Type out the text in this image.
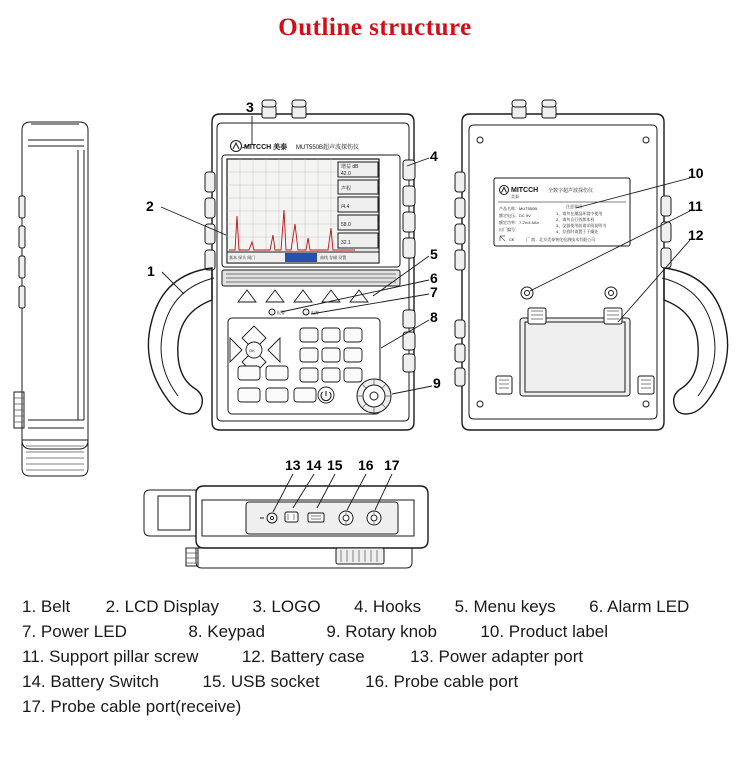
Outline structure
MITCCH 美泰 MUT550B超声波探伤仪
增益 dB
42.0
声程
/4.4
58.0
32.1
基本 探头 闸门	曲线 存储 设置
报警	电源
OK
MITCCH
美泰
全数字超声波探伤仪
产品名称：MUT550B
额定电压：DC 9V
额定功率：7.2V/4.5Ah
出厂编号：
注意事项
1、请勿在潮湿环境中使用
2、请勿自行拆卸本机
3、仪器使用前请详阅说明书
4、存放时请置于干燥处
C€	厂 商：北京美泰物化检测技术有限公司
1
2
3
4
5
6
7
8
9
10
11
12
13 14 15 16 17
1. Belt 2. LCD Display 3. LOGO 4. Hooks 5. Menu keys 6. Alarm LED
7. Power LED	8. Keypad	9. Rotary knob	10. Product label
11. Support pillar screw	12. Battery case	13. Power adapter port
14. Battery Switch	15. USB socket	16. Probe cable port
17. Probe cable port(receive)
